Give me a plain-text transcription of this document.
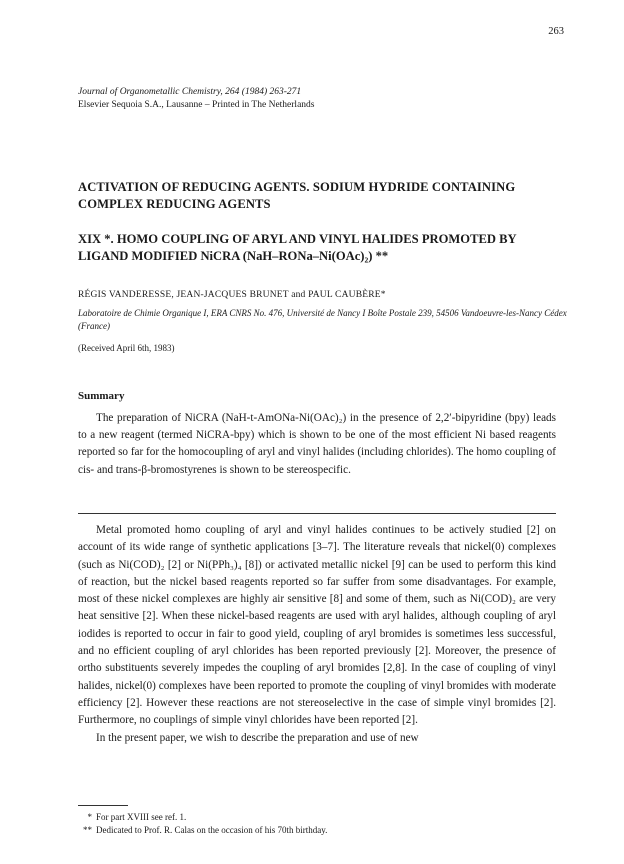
263
Journal of Organometallic Chemistry, 264 (1984) 263-271
Elsevier Sequoia S.A., Lausanne – Printed in The Netherlands
ACTIVATION OF REDUCING AGENTS. SODIUM HYDRIDE CONTAINING COMPLEX REDUCING AGENTS
XIX *. HOMO COUPLING OF ARYL AND VINYL HALIDES PROMOTED BY LIGAND MODIFIED NiCRA (NaH–RONa–Ni(OAc)₂) **
RÉGIS VANDERESSE, JEAN-JACQUES BRUNET and PAUL CAUBÈRE*
Laboratoire de Chimie Organique I, ERA CNRS No. 476, Université de Nancy I Boîte Postale 239, 54506 Vandoeuvre-les-Nancy Cédex (France)
(Received April 6th, 1983)
Summary
The preparation of NiCRA (NaH-t-AmONa-Ni(OAc)₂) in the presence of 2,2′-bipyridine (bpy) leads to a new reagent (termed NiCRA-bpy) which is shown to be one of the most efficient Ni based reagents reported so far for the homocoupling of aryl and vinyl halides (including chlorides). The homo coupling of cis- and trans-β-bromostyrenes is shown to be stereospecific.

Metal promoted homo coupling of aryl and vinyl halides continues to be actively studied [2] on account of its wide range of synthetic applications [3–7]. The literature reveals that nickel(0) complexes (such as Ni(COD)₂ [2] or Ni(PPh₃)₄ [8]) or activated metallic nickel [9] can be used to perform this kind of reaction, but the nickel based reagents reported so far suffer from some disadvantages. For example, most of these nickel complexes are highly air sensitive [8] and some of them, such as Ni(COD)₂ are very heat sensitive [2]. When these nickel-based reagents are used with aryl halides, although coupling of aryl iodides is reported to occur in fair to good yield, coupling of aryl bromides is sometimes less successful, and no efficient coupling of aryl chlorides has been reported previously [2]. Moreover, the presence of ortho substituents severely impedes the coupling of aryl bromides [2,8]. In the case of coupling of vinyl halides, nickel(0) complexes have been reported to promote the coupling of vinyl bromides with moderate efficiency [2]. However these reactions are not stereoselective in the case of simple vinyl bromides [2]. Furthermore, no couplings of simple vinyl chlorides have been reported [2].

In the present paper, we wish to describe the preparation and use of new

* For part XVIII see ref. 1.
** Dedicated to Prof. R. Calas on the occasion of his 70th birthday.
